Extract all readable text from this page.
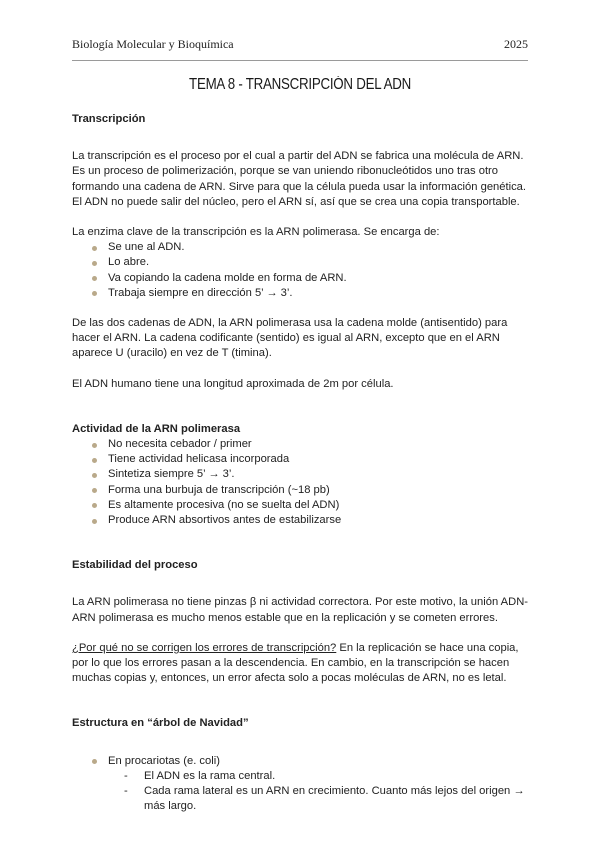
Biología Molecular y Bioquímica	2025
TEMA 8 - TRANSCRIPCIÓN DEL ADN

Transcripción

La transcripción es el proceso por el cual a partir del ADN se fabrica una molécula de ARN. Es un proceso de polimerización, porque se van uniendo ribonucleótidos uno tras otro formando una cadena de ARN. Sirve para que la célula pueda usar la información genética. El ADN no puede salir del núcleo, pero el ARN sí, así que se crea una copia transportable.

La enzima clave de la transcripción es la ARN polimerasa. Se encarga de:

Se une al ADN.
Lo abre.
Va copiando la cadena molde en forma de ARN.
Trabaja siempre en dirección 5’ → 3’.

De las dos cadenas de ADN, la ARN polimerasa usa la cadena molde (antisentido) para hacer el ARN. La cadena codificante (sentido) es igual al ARN, excepto que en el ARN aparece U (uracilo) en vez de T (timina).

El ADN humano tiene una longitud aproximada de 2m por célula.

Actividad de la ARN polimerasa

No necesita cebador / primer
Tiene actividad helicasa incorporada
Sintetiza siempre 5’ → 3’.
Forma una burbuja de transcripción (~18 pb)
Es altamente procesiva (no se suelta del ADN)
Produce ARN absortivos antes de estabilizarse

Estabilidad del proceso

La ARN polimerasa no tiene pinzas β ni actividad correctora. Por este motivo, la unión ADN-ARN polimerasa es mucho menos estable que en la replicación y se cometen errores.

¿Por qué no se corrigen los errores de transcripción? En la replicación se hace una copia, por lo que los errores pasan a la descendencia. En cambio, en la transcripción se hacen muchas copias y, entonces, un error afecta solo a pocas moléculas de ARN, no es letal.

Estructura en “árbol de Navidad”

En procariotas (e. coli)
- El ADN es la rama central.
- Cada rama lateral es un ARN en crecimiento. Cuanto más lejos del origen → más largo.
